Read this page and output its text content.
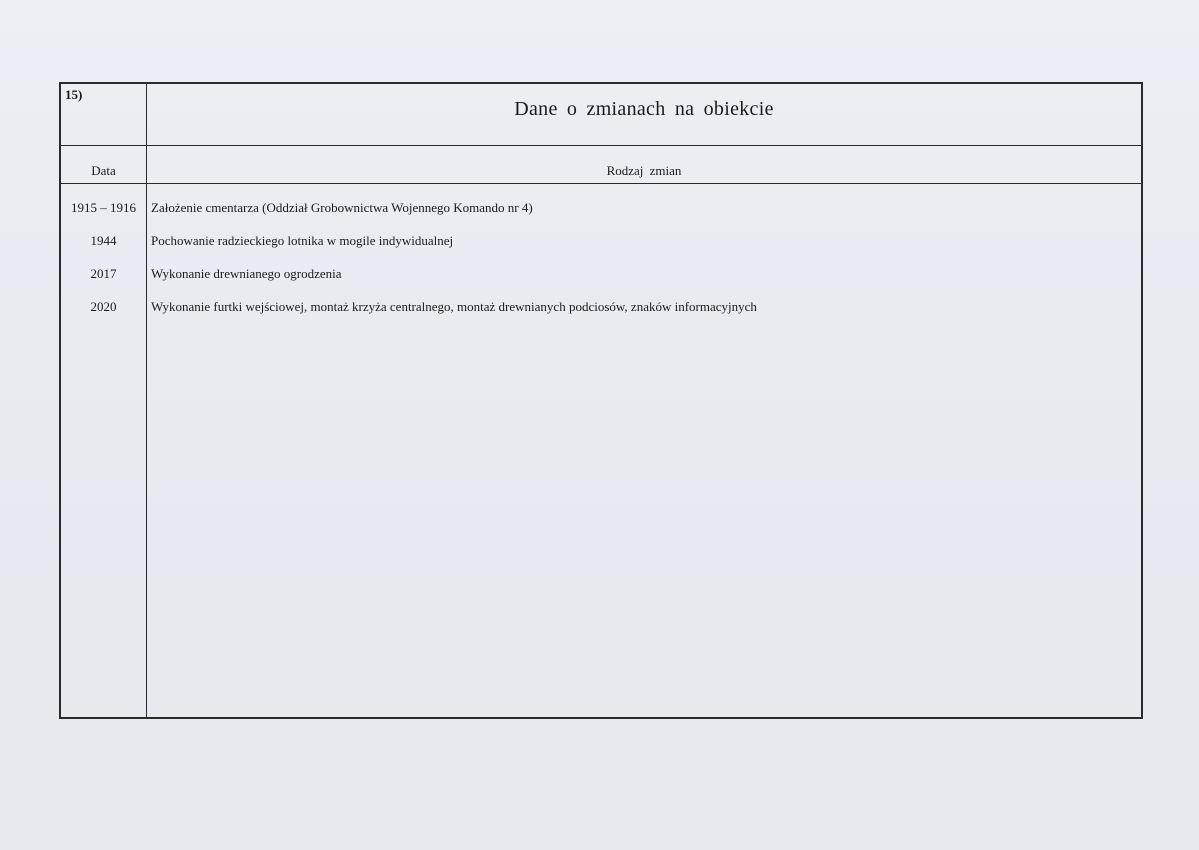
15)
Dane o zmianach na obiekcie
Data	Rodzaj zmian
1915 – 1916	Założenie cmentarza (Oddział Grobownictwa Wojennego Komando nr 4)
1944	Pochowanie radzieckiego lotnika w mogile indywidualnej
2017	Wykonanie drewnianego ogrodzenia
2020	Wykonanie furtki wejściowej, montaż krzyża centralnego, montaż drewnianych podciosów, znaków informacyjnych
